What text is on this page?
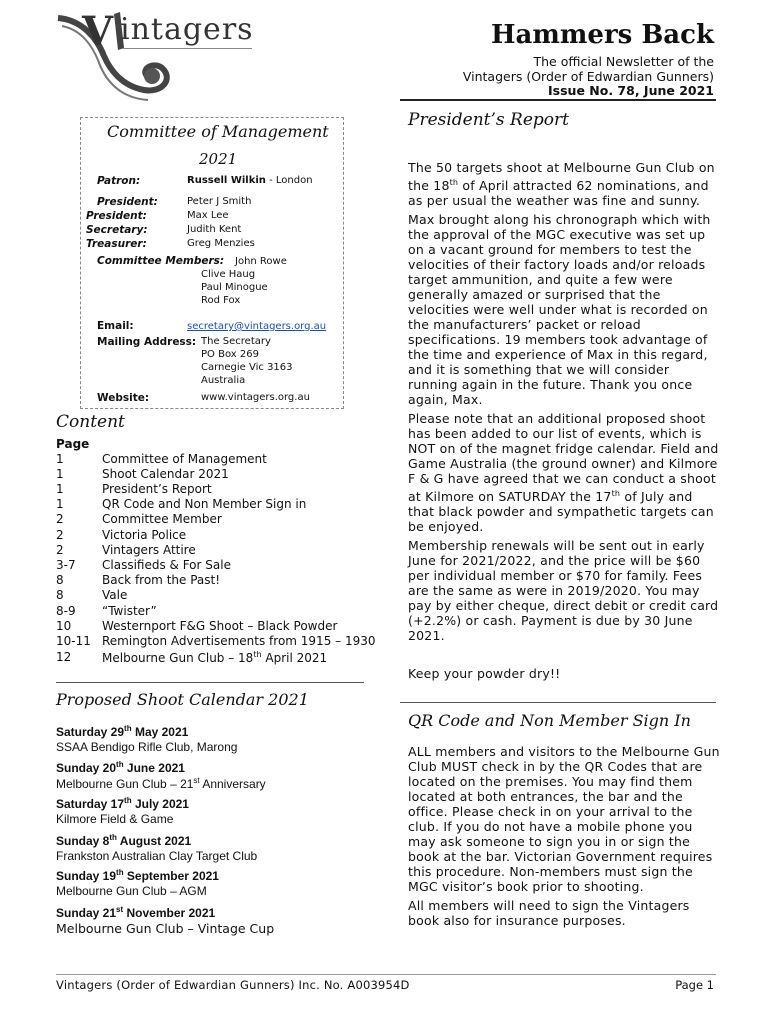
V intagers	Hammers Back
The official Newsletter of the
Vintagers (Order of Edwardian Gunners)
Issue No. 78, June 2021
Committee of Management
2021
Patron:	Russell Wilkin - London
President:	Peter J Smith
President:	Max Lee
Secretary:	Judith Kent
Treasurer:	Greg Menzies
Committee Members: John Rowe
Clive Haug
Paul Minogue
Rod Fox
Email:	secretary@vintagers.org.au
Mailing Address: The Secretary
PO Box 269
Carnegie Vic 3163
Australia
Website:	www.vintagers.org.au
Content
Page
1	Committee of Management
1	Shoot Calendar 2021
1	President’s Report
1	QR Code and Non Member Sign in
2	Committee Member
2	Victoria Police
2	Vintagers Attire
3-7 Classifieds & For Sale
8	Back from the Past!
8	Vale
8-9 “Twister”
10	Westernport F&G Shoot – Black Powder
10-11 Remington Advertisements from 1915 – 1930
12	Melbourne Gun Club – 18th April 2021
Proposed Shoot Calendar 2021
Saturday 29th May 2021
SSAA Bendigo Rifle Club, Marong
Sunday 20th June 2021
Melbourne Gun Club – 21st Anniversary
Saturday 17th July 2021
Kilmore Field & Game
Sunday 8th August 2021
Frankston Australian Clay Target Club
Sunday 19th September 2021
Melbourne Gun Club – AGM
Sunday 21st November 2021
Melbourne Gun Club – Vintage Cup
President’s Report

The 50 targets shoot at Melbourne Gun Club on the 18th of April attracted 62 nominations, and as per usual the weather was fine and sunny.

Max brought along his chronograph which with the approval of the MGC executive was set up on a vacant ground for members to test the velocities of their factory loads and/or reloads target ammunition, and quite a few were generally amazed or surprised that the velocities were well under what is recorded on the manufacturers’ packet or reload specifications. 19 members took advantage of the time and experience of Max in this regard, and it is something that we will consider running again in the future. Thank you once again, Max.

Please note that an additional proposed shoot has been added to our list of events, which is NOT on of the magnet fridge calendar. Field and Game Australia (the ground owner) and Kilmore F & G have agreed that we can conduct a shoot at Kilmore on SATURDAY the 17th of July and that black powder and sympathetic targets can be enjoyed.

Membership renewals will be sent out in early June for 2021/2022, and the price will be $60 per individual member or $70 for family. Fees are the same as were in 2019/2020. You may pay by either cheque, direct debit or credit card (+2.2%) or cash. Payment is due by 30 June 2021.

Keep your powder dry!!
QR Code and Non Member Sign In

ALL members and visitors to the Melbourne Gun Club MUST check in by the QR Codes that are located on the premises. You may find them located at both entrances, the bar and the office. Please check in on your arrival to the club. If you do not have a mobile phone you may ask someone to sign you in or sign the book at the bar. Victorian Government requires this procedure. Non-members must sign the MGC visitor’s book prior to shooting.

All members will need to sign the Vintagers book also for insurance purposes.

Vintagers (Order of Edwardian Gunners) Inc. No. A003954D	Page 1
